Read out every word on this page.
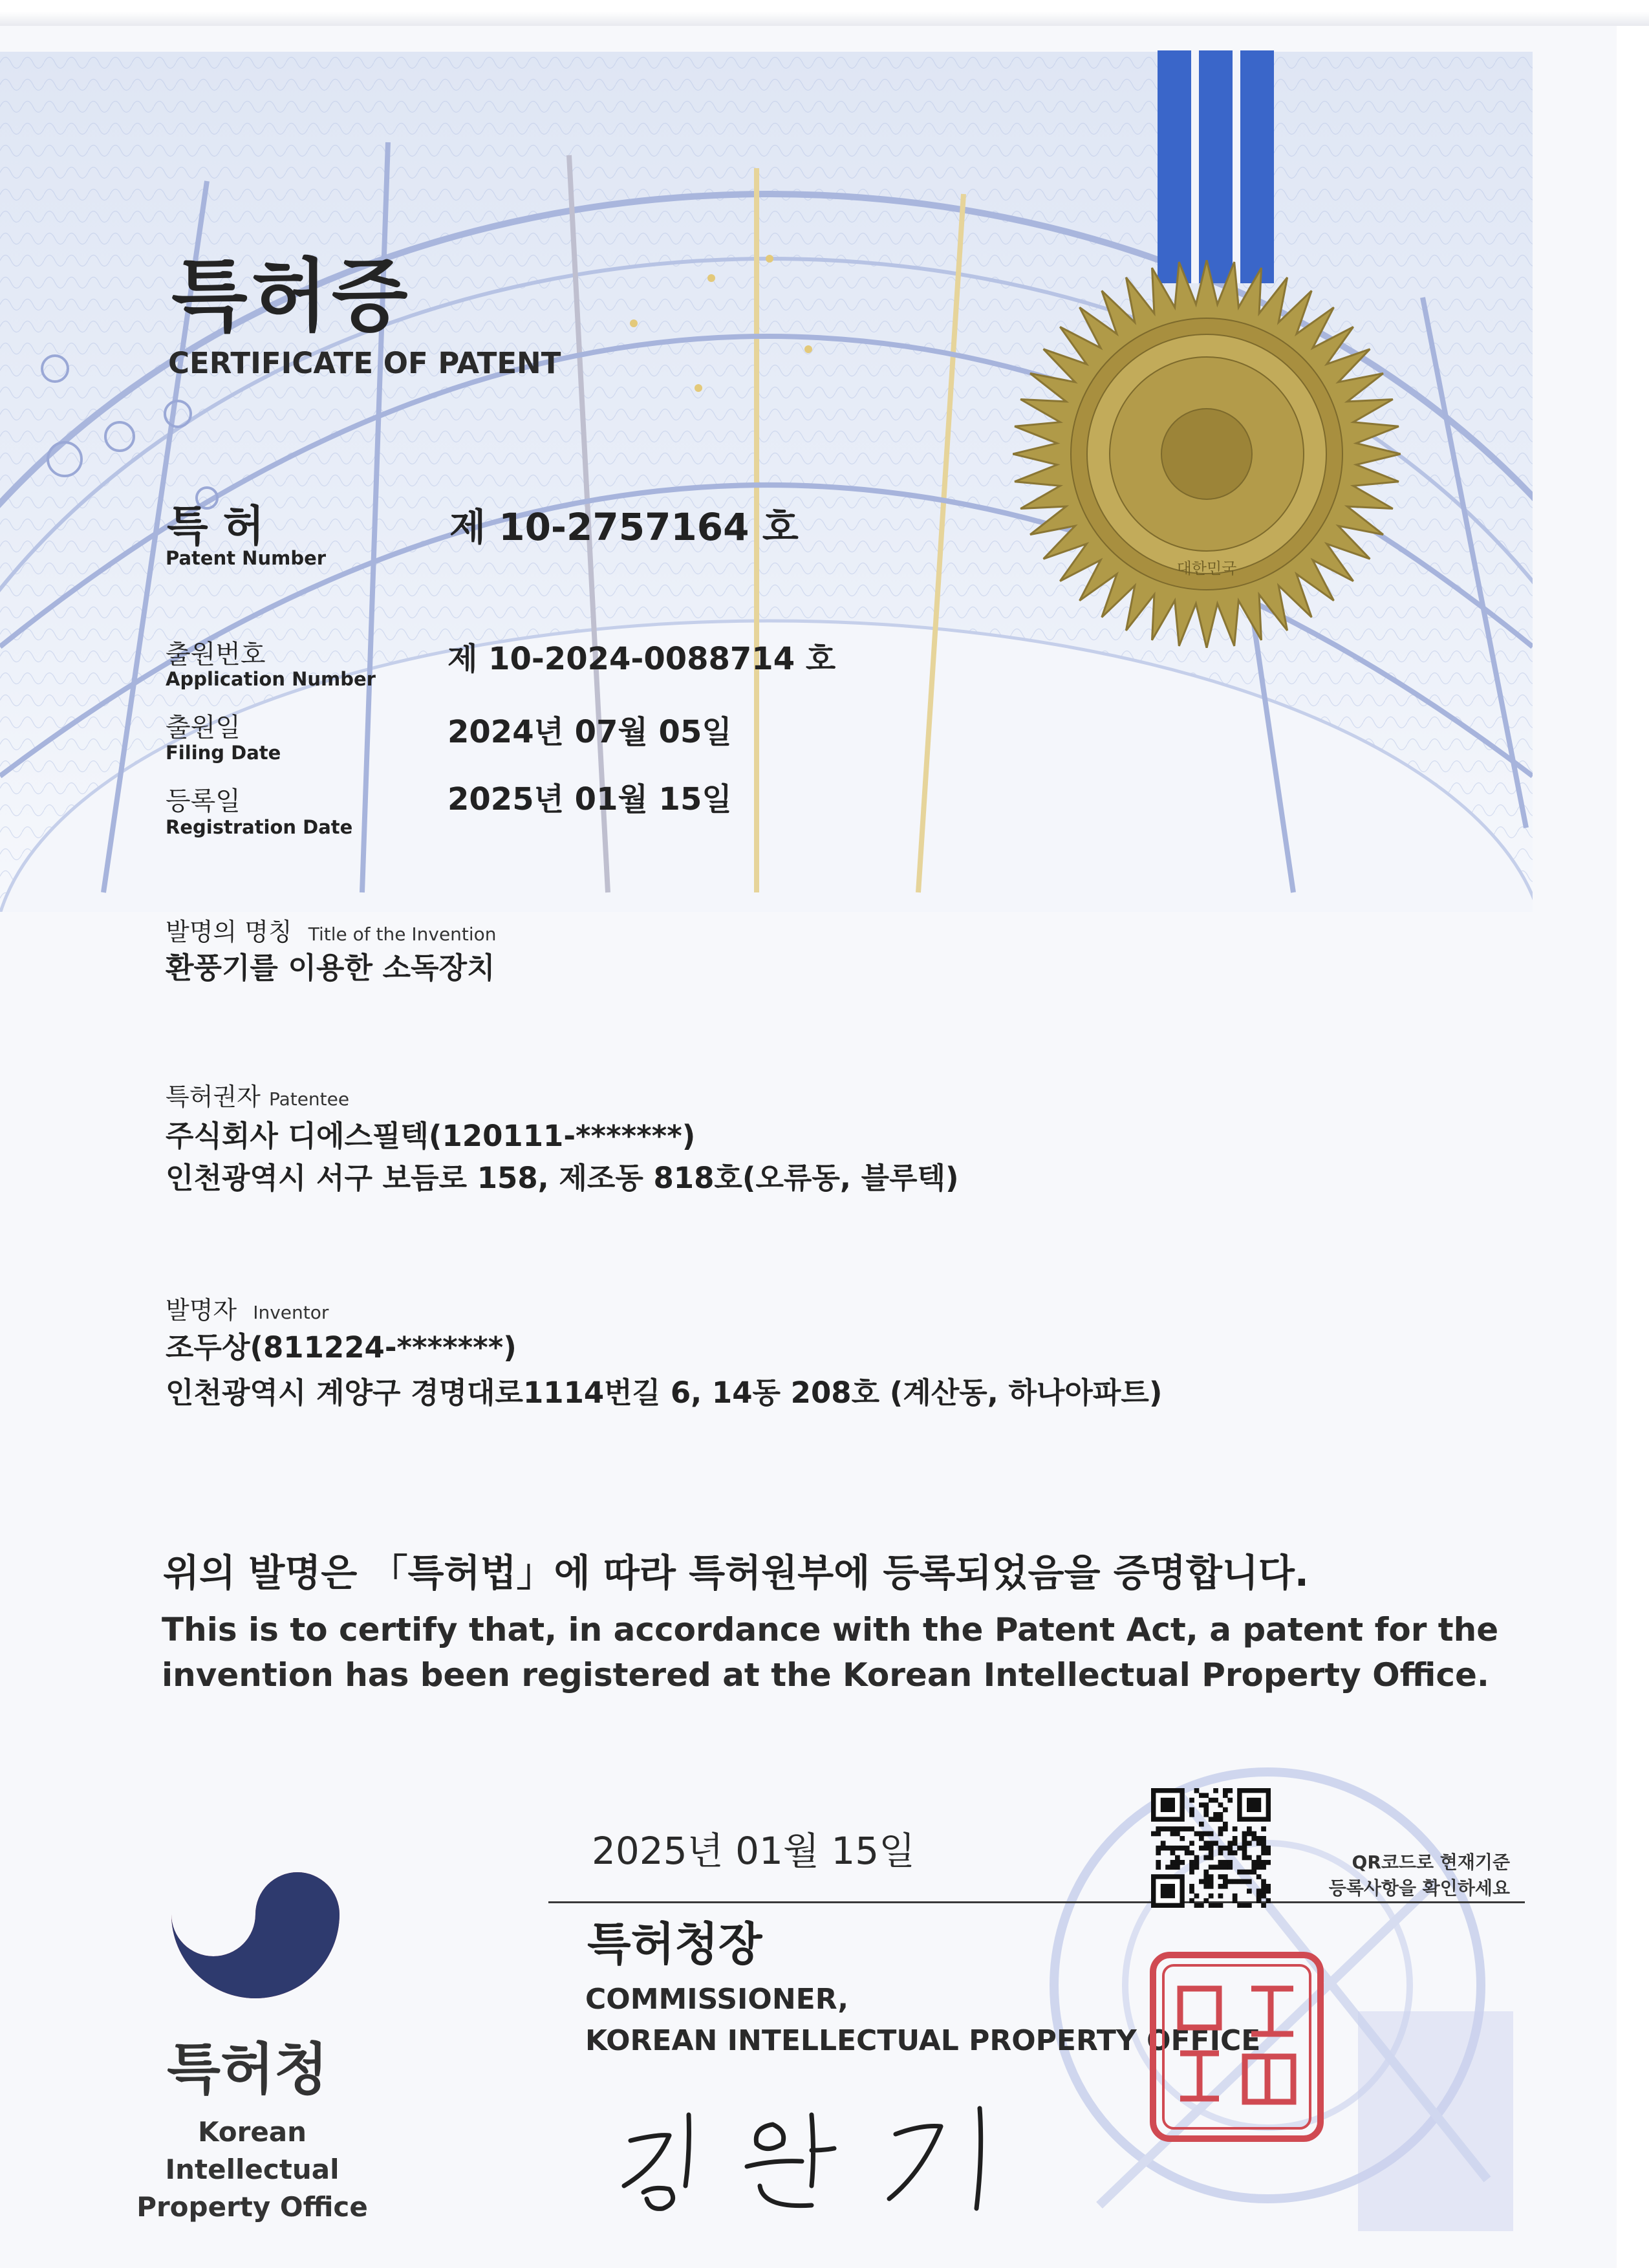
대한민국
특허증
CERTIFICATE OF PATENT
특 허
Patent Number
제 10-2757164 호
출원번호
Application Number
제 10-2024-0088714 호
출원일
Filing Date
2024년 07월 05일
등록일
Registration Date
2025년 01월 15일
발명의 명칭 Title of the Invention
환풍기를 이용한 소독장치
특허권자 Patentee
주식회사 디에스필텍(120111-*******)
인천광역시 서구 보듬로 158, 제조동 818호(오류동, 블루텍)
발명자 Inventor
조두상(811224-*******)
인천광역시 계양구 경명대로1114번길 6, 14동 208호 (계산동, 하나아파트)
위의 발명은 「특허법」에 따라 특허원부에 등록되었음을 증명합니다.
This is to certify that, in accordance with the Patent Act, a patent for the
invention has been registered at the Korean Intellectual Property Office.
2025년 01월 15일	QR코드로 현재기준
등록사항을 확인하세요
특허청장
COMMISSIONER,
KOREAN INTELLECTUAL PROPERTY OFFICE
특허청
Korean Intellectual
Property Office
